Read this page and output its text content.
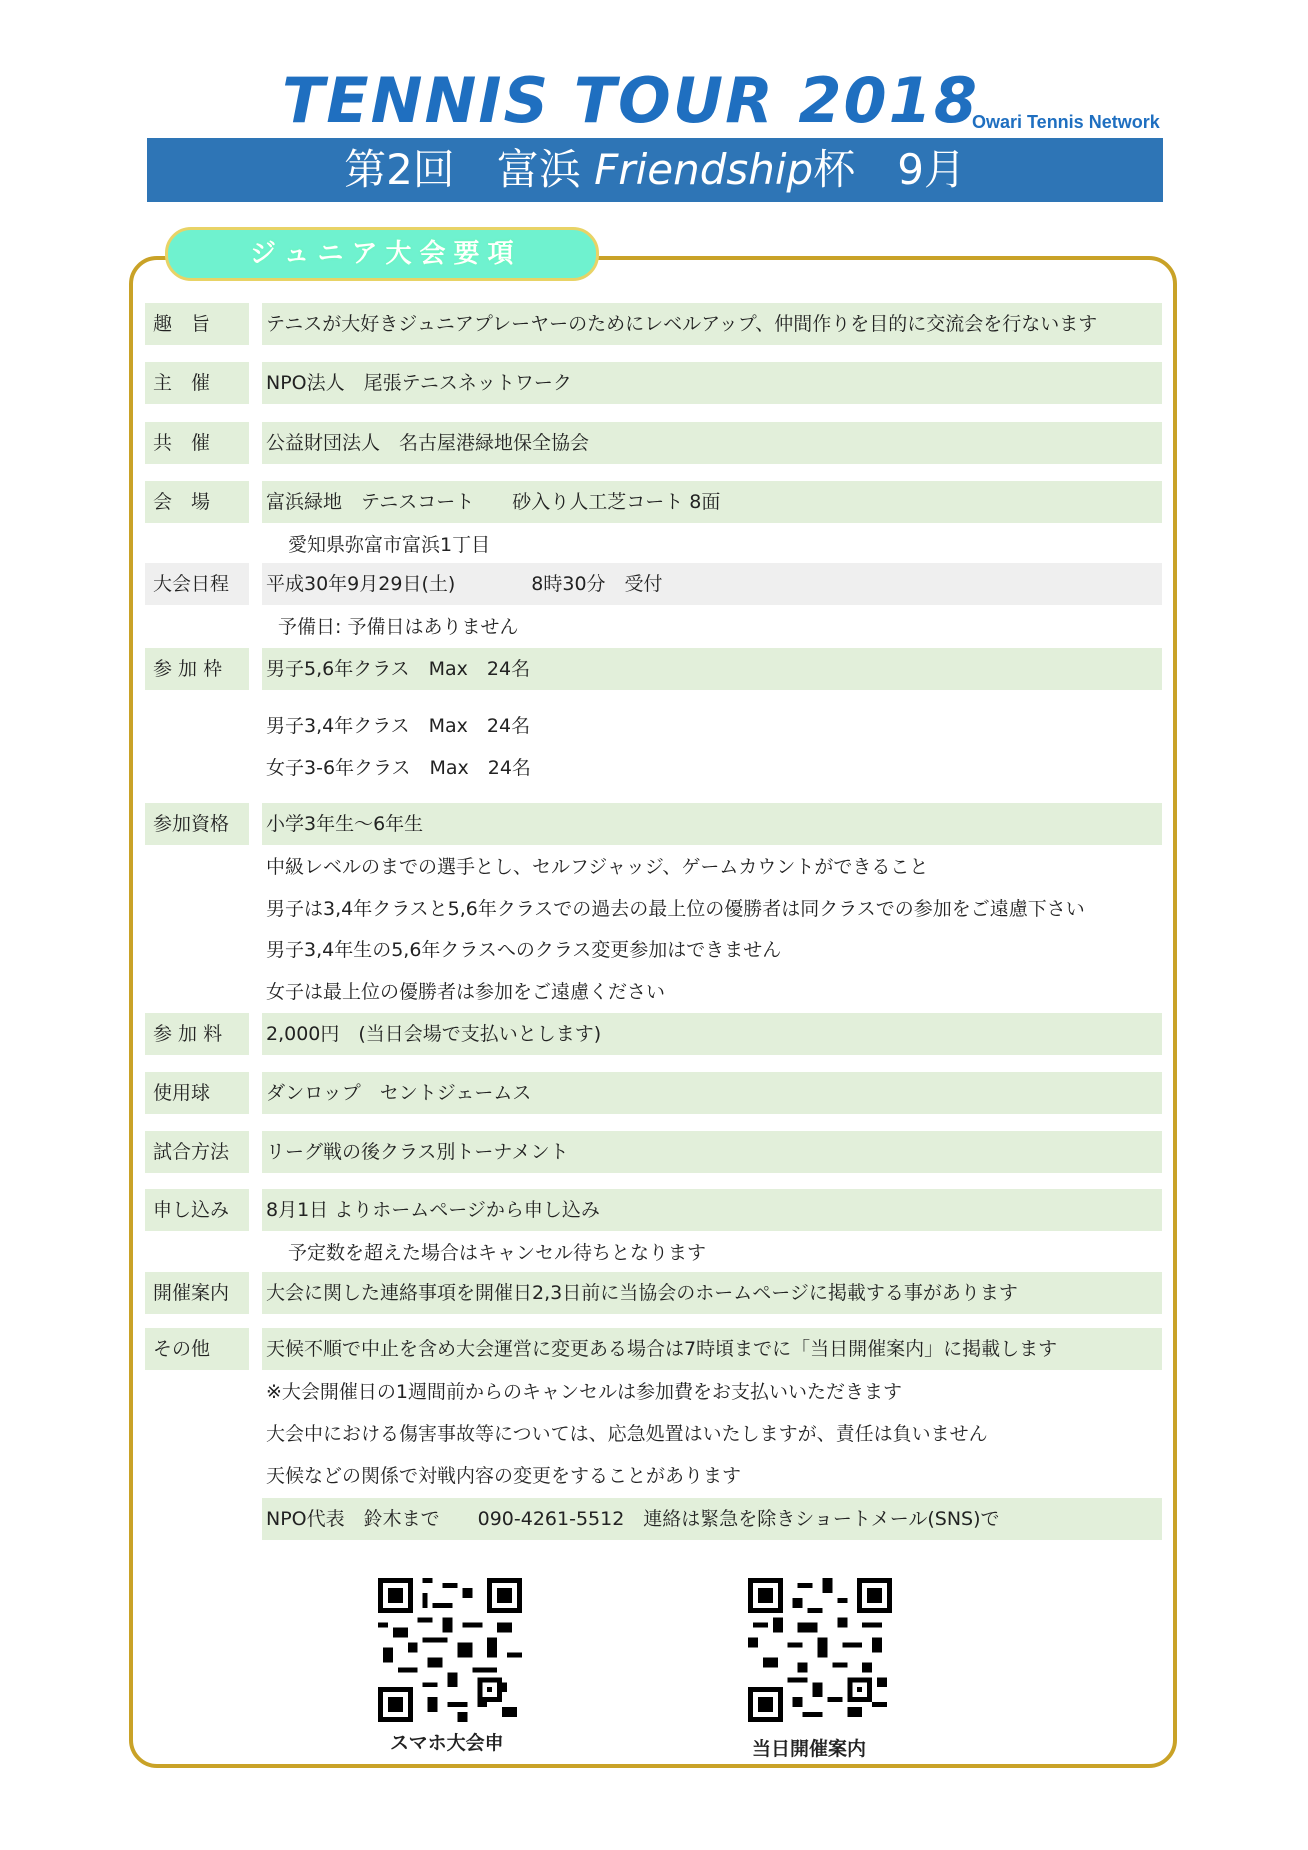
TENNIS TOUR 2018
Owari Tennis Network
第2回　富浜 Friendship杯　9月
ジュニア大会要項
趣　旨	テニスが大好きジュニアプレーヤーのためにレベルアップ、仲間作りを目的に交流会を行ないます
主　催	NPO法人　尾張テニスネットワーク
共　催	公益財団法人　名古屋港緑地保全協会
会　場	富浜緑地　テニスコート　　砂入り人工芝コート 8面
愛知県弥富市富浜1丁目
大会日程	平成30年9月29日(土)　　　　8時30分　受付
予備日: 予備日はありません
参 加 枠	男子5,6年クラス　Max　24名
男子3,4年クラス　Max　24名
女子3-6年クラス　Max　24名
参加資格	小学3年生～6年生
中級レベルのまでの選手とし、セルフジャッジ、ゲームカウントができること
男子は3,4年クラスと5,6年クラスでの過去の最上位の優勝者は同クラスでの参加をご遠慮下さい
男子3,4年生の5,6年クラスへのクラス変更参加はできません
女子は最上位の優勝者は参加をご遠慮ください
参 加 料	2,000円　(当日会場で支払いとします)
使用球	ダンロップ　セントジェームス
試合方法	リーグ戦の後クラス別トーナメント
申し込み	8月1日 よりホームページから申し込み
予定数を超えた場合はキャンセル待ちとなります
開催案内	大会に関した連絡事項を開催日2,3日前に当協会のホームページに掲載する事があります
その他	天候不順で中止を含め大会運営に変更ある場合は7時頃までに「当日開催案内」に掲載します
※大会開催日の1週間前からのキャンセルは参加費をお支払いいただきます
大会中における傷害事故等については、応急処置はいたしますが、責任は負いません
天候などの関係で対戦内容の変更をすることがあります
NPO代表　鈴木まで　　090-4261-5512　連絡は緊急を除きショートメール(SNS)で
スマホ大会申	当日開催案内
